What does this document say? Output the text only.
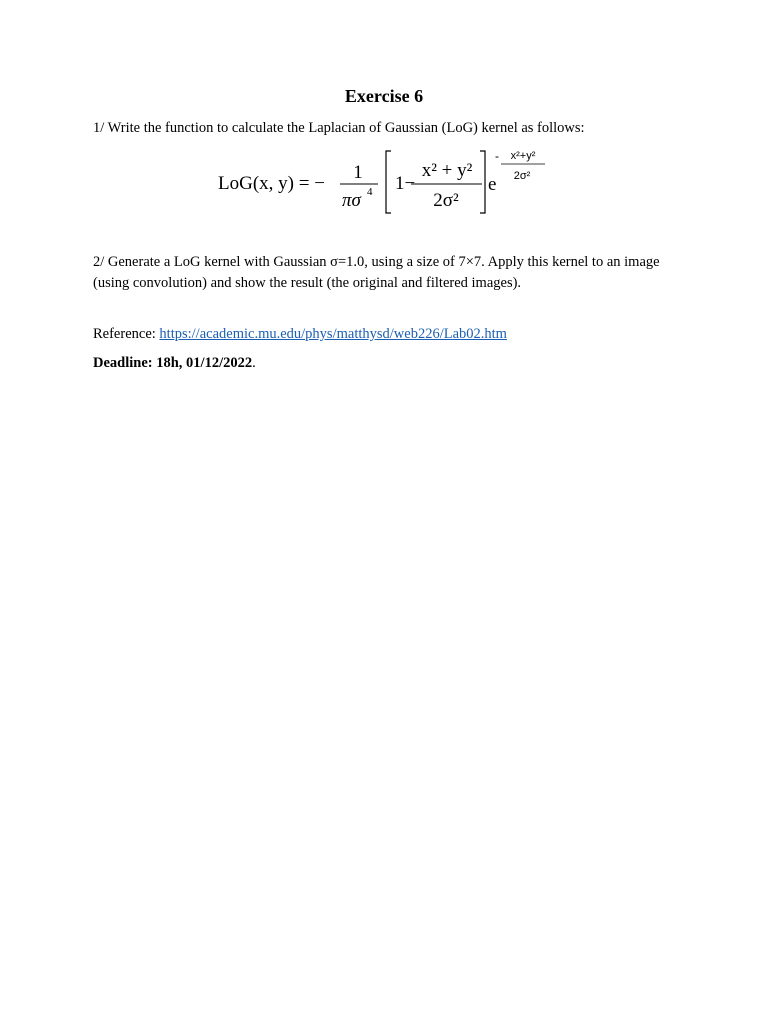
Exercise 6
1/ Write the function to calculate the Laplacian of Gaussian (LoG) kernel as follows:
LoG(x, y) = −
1
πσ 4 1−
x² + y²
2σ²
e
- x²+y²
2σ²
2/ Generate a LoG kernel with Gaussian σ=1.0, using a size of 7×7. Apply this kernel to an image (using convolution) and show the result (the original and filtered images).
Reference: https://academic.mu.edu/phys/matthysd/web226/Lab02.htm
Deadline: 18h, 01/12/2022.
